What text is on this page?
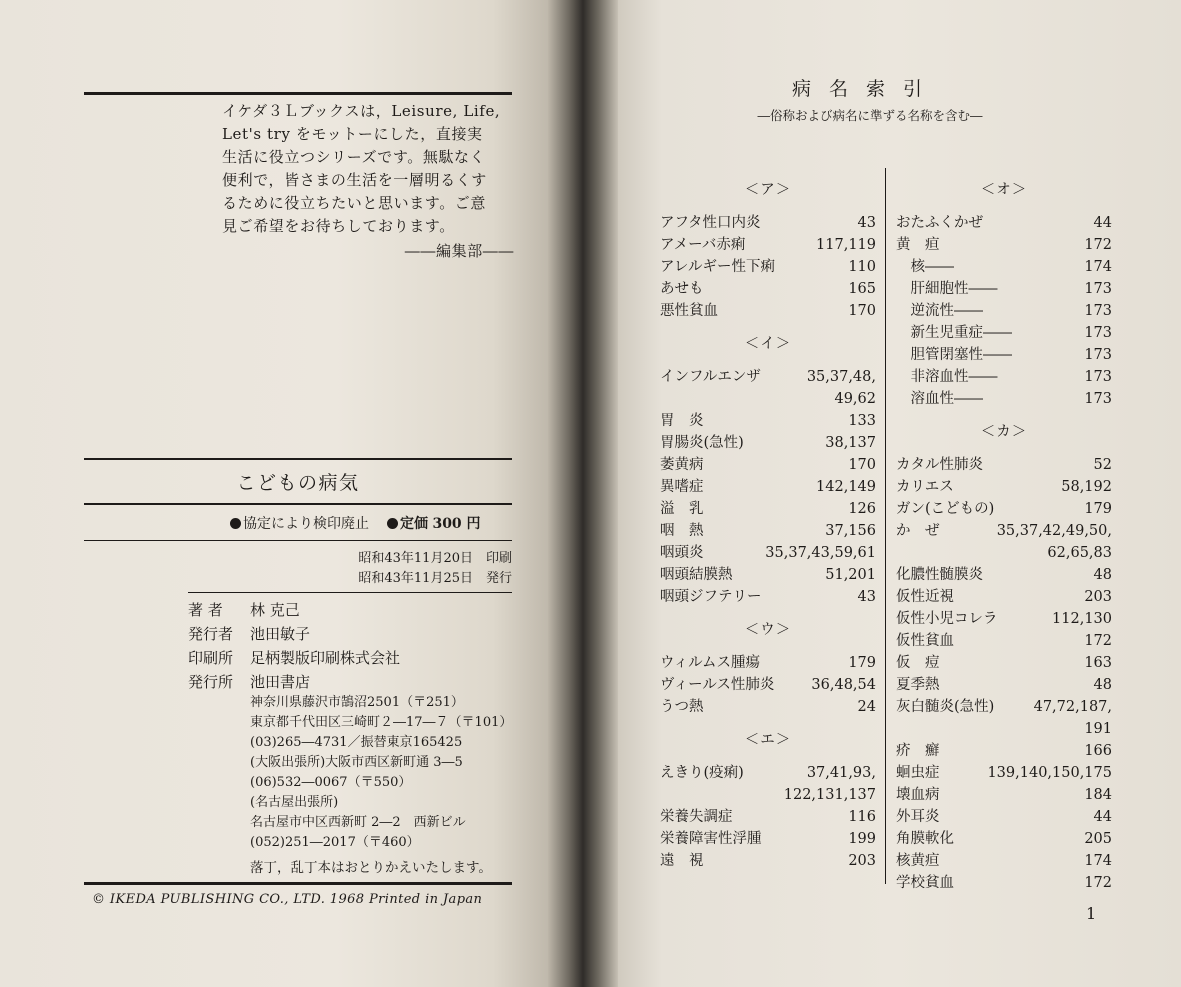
イケダ３Ｌブックスは，Leisure, Life,

Let's try をモットーにした，直接実

生活に役立つシリーズです。無駄なく

便利で，皆さまの生活を一層明るくす

るために役立ちたいと思います。ご意

見ご希望をお待ちしております。

――編集部――

こどもの病気
協定により検印廃止 定価 300 円
昭和43年11月20日　印刷
昭和43年11月25日　発行
著 者 林 克己
発行者 池田敏子
印刷所 足柄製版印刷株式会社
発行所 池田書店
神奈川県藤沢市鵠沼2501（〒251）
東京都千代田区三崎町２―17―７（〒101）
(03)265―4731／振替東京165425
(大阪出張所)大阪市西区新町通 3―5
(06)532―0067（〒550）
(名古屋出張所)
名古屋市中区西新町 2―2　西新ビル
(052)251―2017（〒460）
落丁，乱丁本はおとりかえいたします。
© IKEDA PUBLISHING CO., LTD. 1968 Printed in Japan
病 名 索 引
―俗称および病名に準ずる名称を含む―
＜ア＞
アフタ性口内炎	43
アメーバ赤痢	117,119
アレルギー性下痢	110
あせも	165
悪性貧血	170
＜イ＞
インフルエンザ	35,37,48,
49,62
胃　炎	133
胃腸炎(急性)	38,137
萎黄病	170
異嗜症	142,149
溢　乳	126
咽　熱	37,156
咽頭炎	35,37,43,59,61
咽頭結膜熱	51,201
咽頭ジフテリー	43
＜ウ＞
ウィルムス腫瘍	179
ヴィールス性肺炎	36,48,54
うつ熱	24
＜エ＞
えきり(疫痢)	37,41,93,
122,131,137
栄養失調症	116
栄養障害性浮腫	199
遠　視	203
＜オ＞
おたふくかぜ	44
黄　疸	172
　核――	174
　肝細胞性――	173
　逆流性――	173
　新生児重症――	173
　胆管閉塞性――	173
　非溶血性――	173
　溶血性――	173
＜カ＞
カタル性肺炎	52
カリエス	58,192
ガン(こどもの)	179
か　ぜ	35,37,42,49,50,
62,65,83
化膿性髄膜炎	48
仮性近視	203
仮性小児コレラ	112,130
仮性貧血	172
仮　痘	163
夏季熱	48
灰白髄炎(急性)	47,72,187,
191
疥　癬	166
蛔虫症	139,140,150,175
壊血病	184
外耳炎	44
角膜軟化	205
核黄疸	174
学校貧血	172
1
